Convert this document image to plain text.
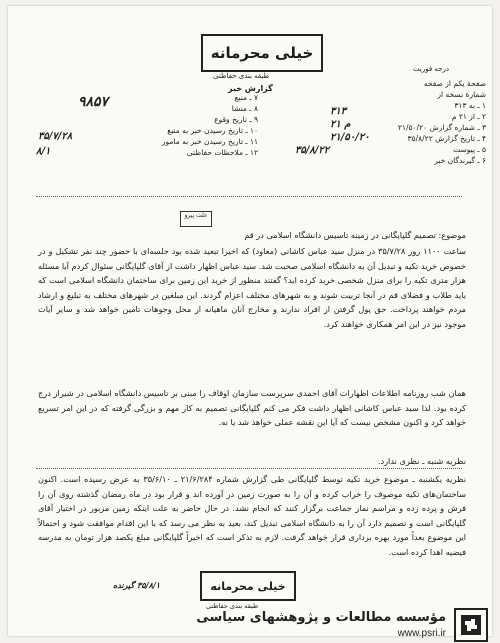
خیلی محرمانه
طبقه بندی حفاظتی
گزارش خبر
درجه فوریت
صفحهٔ یکم از صفحه
شمارهٔ نسخه از
۱ ـ به ۳۱۳
۲ ـ از ۲۱ م
۳ ـ شماره گزارش ۲۱/۵۰/۲۰
۴ ـ تاریخ گزارش ۳۵/۸/۲۲
۵ ـ پیوست
۶ ـ گیرندگان خبر
۷ ـ منبع
۸ ـ منشا
۹ ـ تاریخ وقوع
۱۰ ـ تاریخ رسیدن خبر به منبع
۱۱ ـ تاریخ رسیدن خبر به مامور
۱۲ ـ ملاحظات حفاظتی
۳۱۳
۲۱ م
۲۱/۵۰/۲۰
۳۵/۸/۲۲
۹۸۵۷
۳۵/۷/۲۸
۸/۱
علت پیرو
موضوع: تصمیم گلپایگانی در زمینه تاسیس دانشگاه اسلامی در قم
ساعت ۱۱۰۰ روز ۳۵/۷/۲۸ در منزل سید عباس کاشانی (معاود) که اخیرا تبعید شده بود جلسه‌ای با حضور چند نفر تشکیل و در خصوص خرید تکیه و تبدیل آن به دانشگاه اسلامی صحبت شد. سید عباس اظهار داشت از آقای گلپایگانی سئوال کردم آیا مسئله هزار متری تکیه را برای منزل شخصی خرید کرده اید؟ گفتند منظور از خرید این زمین برای ساختمان دانشگاه اسلامی است که باید طلاب و فضلای قم در آنجا تربیت شوند و به شهرهای مختلف اعزام گردند. این مبلغین در شهرهای مختلف به تبلیغ و ارشاد مردم خواهند پرداخت. حق پول گرفتن از افراد ندارند و مخارج آنان ماهیانه از محل وجوهات تامین خواهد شد و سایر آیات موجود نیز در این امر همکاری خواهند کرد.
همان شب روزنامه اطلاعات اظهارات آقای احمدی سرپرست سازمان اوقاف را مبنی بر تاسیس دانشگاه اسلامی در شیراز درج کرده بود. لذا سید عباس کاشانی اظهار داشت فکر می کنم گلپایگانی تصمیم به کار مهم و بزرگی گرفته که در این امر تسریع خواهد کرد و اکنون مشخص نیست که آیا این نقشه عملی خواهد شد یا نه.
نظریه شنبه ـ نظری ندارد.
نظریه یکشنبه ـ موضوع خرید تکیه توسط گلپایگانی طی گزارش شماره ۲۱/۶/۲۸۴ ـ ۳۵/۶/۱۰ به عرض رسیده است. اکنون ساختمان‌های تکیه موصوف را خراب کرده و آن را به صورت زمین در آورده اند و قرار بود در ماه رمضان گذشته روی آن را فرش و پرده زده و مراسم نماز جماعت برگزار کنند که انجام نشد. در حال حاضر به علت اینکه زمین مزبور در اختیار آقای گلپایگانی است و تصمیم دارد آن را به دانشگاه اسلامی تبدیل کند، بعید به نظر می رسد که با این اقدام موافقت شود و احتمالاً این موضوع بعداً مورد بهره برداری قرار خواهد گرفت. لازم به تذکر است که اخیراً گلپایگانی مبلغ یکصد هزار تومان به مدرسه فیضیه اهدا کرده است.
۳۵/۸/۱ گیرنده	خیلی محرمانه
طبقه بندی حفاظتی
مؤسسه مطالعات و پژوهشهای سیاسی
www.psri.ir
